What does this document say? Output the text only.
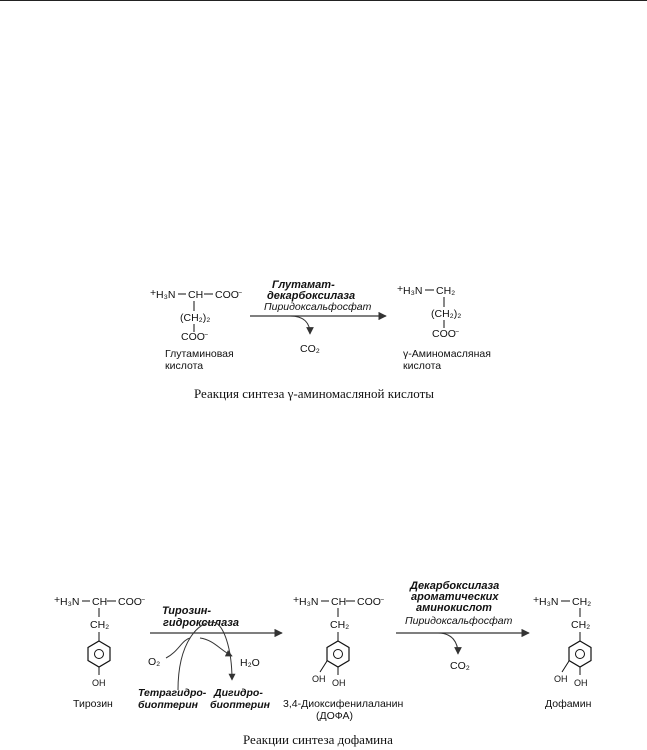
+ H₃N CH COO −
(CH₂)₂
COO −
Глутаминовая
кислота
Глутамат-
декарбоксилаза
Пиридоксальфосфат
CO₂
+ H₃N CH₂
(CH₂)₂
COO −
γ-Аминомасляная
кислота
Реакция синтеза γ-аминомасляной кислоты
+ H₃N CH COO −
CH₂
OH
Тирозин
Тирозин-
гидроксилаза
O₂	H₂O
Тетрагидро-
биоптерин
Дигидро-
биоптерин
+ H₃N CH COO −
CH₂
OH OH
3,4-Диоксифенилаланин
(ДОФА)
Декарбоксилаза
ароматических
аминокислот
Пиридоксальфосфат
CO₂
+ H₃N CH₂
CH₂
OH OH
Дофамин
Реакции синтеза дофамина
